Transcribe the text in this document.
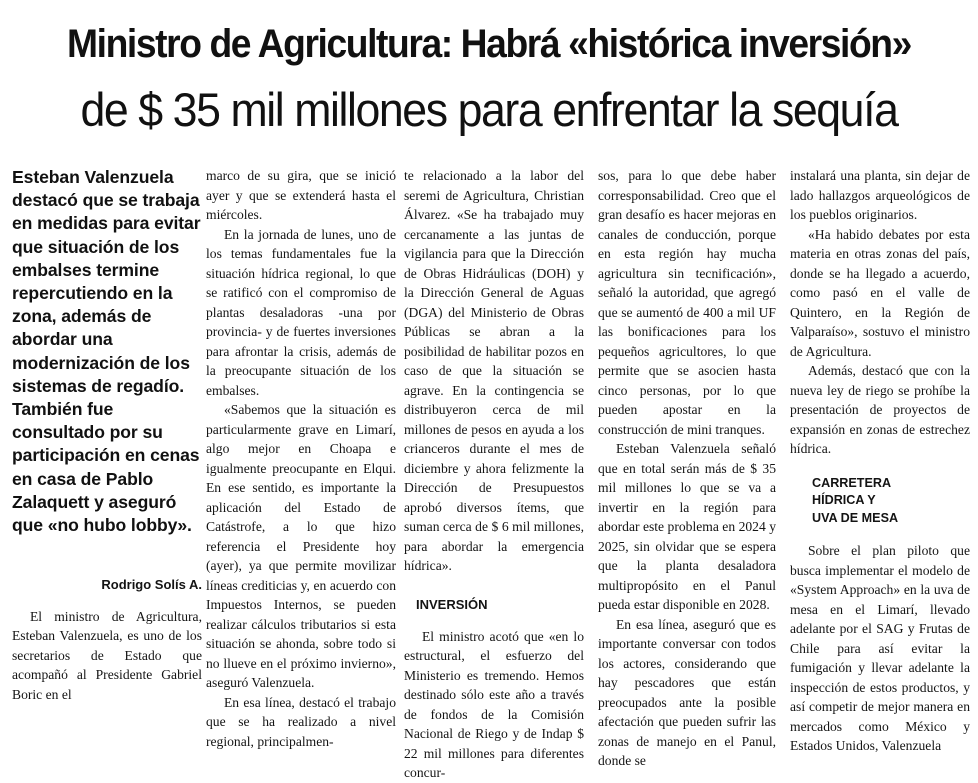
Ministro de Agricultura: Habrá «histórica inversión»
de $ 35 mil millones para enfrentar la sequía

Esteban Valenzuela destacó que se trabaja en medidas para evitar que situación de los embalses termine repercutiendo en la zona, además de abordar una modernización de los sistemas de regadío. También fue consultado por su participación en cenas en casa de Pablo Zalaquett y aseguró que «no hubo lobby».

Rodrigo Solís A.

El ministro de Agricultura, Esteban Valenzuela, es uno de los secretarios de Estado que acompañó al Presidente Gabriel Boric en el

marco de su gira, que se inició ayer y que se extenderá hasta el miércoles.

En la jornada de lunes, uno de los temas fundamentales fue la situación hídrica regional, lo que se ratificó con el compromiso de plantas desaladoras -una por provincia- y de fuertes inversiones para afrontar la crisis, además de la preocupante situación de los embalses.

«Sabemos que la situación es particularmente grave en Limarí, algo mejor en Choapa e igualmente preocupante en Elqui. En ese sentido, es importante la aplicación del Estado de Catástrofe, a lo que hizo referencia el Presidente hoy (ayer), ya que permite movilizar líneas crediticias y, en acuerdo con Impuestos Internos, se pueden realizar cálculos tributarios si esta situación se ahonda, sobre todo si no llueve en el próximo invierno», aseguró Valenzuela.

En esa línea, destacó el trabajo que se ha realizado a nivel regional, principalmen-

te relacionado a la labor del seremi de Agricultura, Christian Álvarez. «Se ha trabajado muy cercanamente a las juntas de vigilancia para que la Dirección de Obras Hidráulicas (DOH) y la Dirección General de Aguas (DGA) del Ministerio de Obras Públicas se abran a la posibilidad de habilitar pozos en caso de que la situación se agrave. En la contingencia se distribuyeron cerca de mil millones de pesos en ayuda a los crianceros durante el mes de diciembre y ahora felizmente la Dirección de Presupuestos aprobó diversos ítems, que suman cerca de $ 6 mil millones, para abordar la emergencia hídrica».

INVERSIÓN

El ministro acotó que «en lo estructural, el esfuerzo del Ministerio es tremendo. Hemos destinado sólo este año a través de fondos de la Comisión Nacional de Riego y de Indap $ 22 mil millones para diferentes concur-

sos, para lo que debe haber corresponsabilidad. Creo que el gran desafío es hacer mejoras en canales de conducción, porque en esta región hay mucha agricultura sin tecnificación», señaló la autoridad, que agregó que se aumentó de 400 a mil UF las bonificaciones para los pequeños agricultores, lo que permite que se asocien hasta cinco personas, por lo que pueden apostar en la construcción de mini tranques.

Esteban Valenzuela señaló que en total serán más de $ 35 mil millones lo que se va a invertir en la región para abordar este problema en 2024 y 2025, sin olvidar que se espera que la planta desaladora multipropósito en el Panul pueda estar disponible en 2028.

En esa línea, aseguró que es importante conversar con todos los actores, considerando que hay pescadores que están preocupados ante la posible afectación que pueden sufrir las zonas de manejo en el Panul, donde se

instalará una planta, sin dejar de lado hallazgos arqueológicos de los pueblos originarios.

«Ha habido debates por esta materia en otras zonas del país, donde se ha llegado a acuerdo, como pasó en el valle de Quintero, en la Región de Valparaíso», sostuvo el ministro de Agricultura.

Además, destacó que con la nueva ley de riego se prohíbe la presentación de proyectos de expansión en zonas de estrechez hídrica.

CARRETERA
HÍDRICA Y
UVA DE MESA

Sobre el plan piloto que busca implementar el modelo de «System Approach» en la uva de mesa en el Limarí, llevado adelante por el SAG y Frutas de Chile para así evitar la fumigación y llevar adelante la inspección de estos productos, y así competir de mejor manera en mercados como México y Estados Unidos, Valenzuela
